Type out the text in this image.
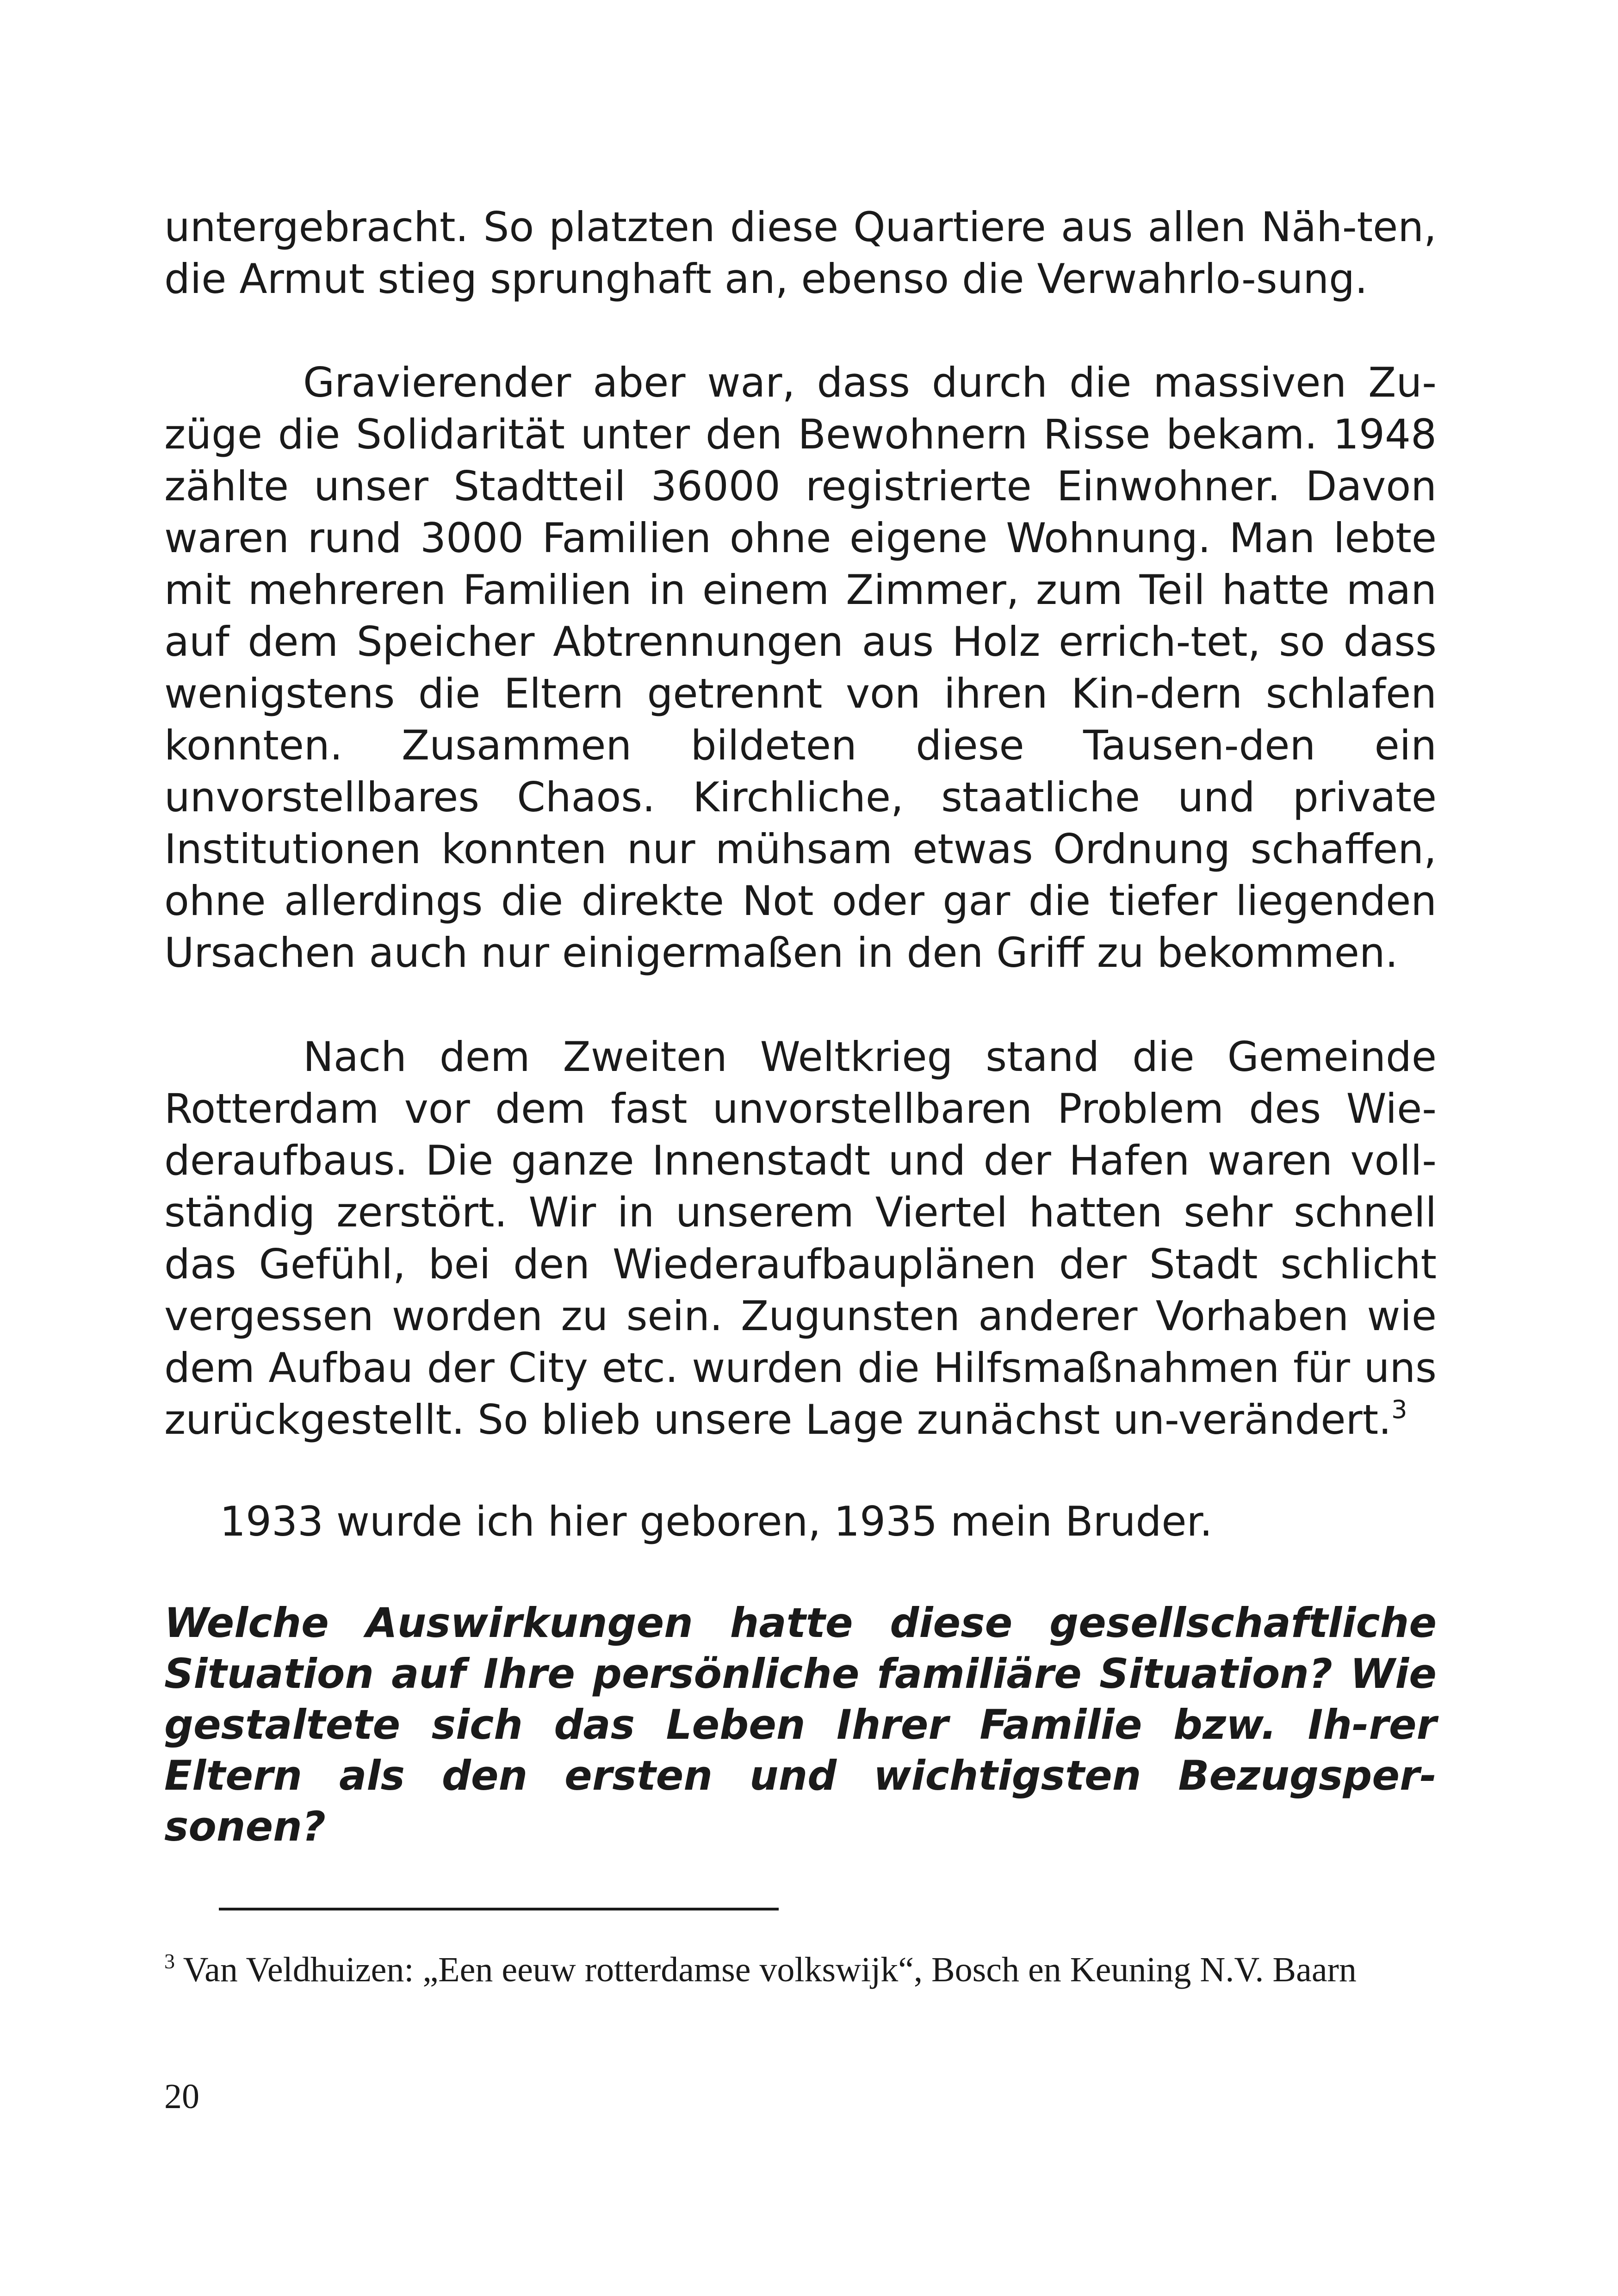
untergebracht. So platzten diese Quartiere aus allen Näh-ten, die Armut stieg sprunghaft an, ebenso die Verwahrlo-sung.

Gravierender aber war, dass durch die massiven Zu-züge die Solidarität unter den Bewohnern Risse bekam. 1948 zählte unser Stadtteil 36000 registrierte Einwohner. Davon waren rund 3000 Familien ohne eigene Wohnung. Man lebte mit mehreren Familien in einem Zimmer, zum Teil hatte man auf dem Speicher Abtrennungen aus Holz errich-tet, so dass wenigstens die Eltern getrennt von ihren Kin-dern schlafen konnten. Zusammen bildeten diese Tausen-den ein unvorstellbares Chaos. Kirchliche, staatliche und private Institutionen konnten nur mühsam etwas Ordnung schaffen, ohne allerdings die direkte Not oder gar die tiefer liegenden Ursachen auch nur einigermaßen in den Griff zu bekommen.

Nach dem Zweiten Weltkrieg stand die Gemeinde Rotterdam vor dem fast unvorstellbaren Problem des Wie-deraufbaus. Die ganze Innenstadt und der Hafen waren voll-ständig zerstört. Wir in unserem Viertel hatten sehr schnell das Gefühl, bei den Wiederaufbauplänen der Stadt schlicht vergessen worden zu sein. Zugunsten anderer Vorhaben wie dem Aufbau der City etc. wurden die Hilfsmaßnahmen für uns zurückgestellt. So blieb unsere Lage zunächst un-verändert.$^3$

1933 wurde ich hier geboren, 1935 mein Bruder.

Welche Auswirkungen hatte diese gesellschaftliche Situation auf Ihre persönliche familiäre Situation? Wie gestaltete sich das Leben Ihrer Familie bzw. Ih-rer Eltern als den ersten und wichtigsten Bezugsper-sonen?

$^3$ Van Veldhuizen: „Een eeuw rotterdamse volkswijk“, Bosch en Keuning N.V. Baarn

20
